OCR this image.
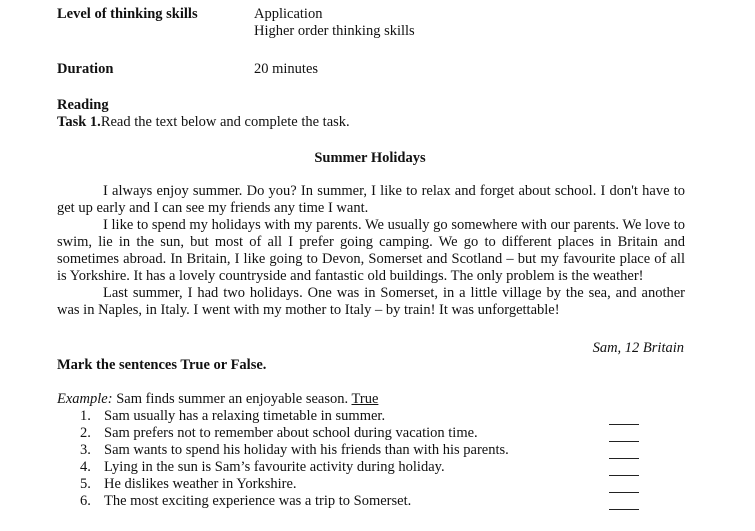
Level of thinking skills	Application
Higher order thinking skills
Duration	20 minutes
Reading
Task 1.Read the text below and complete the task.
Summer Holidays

I always enjoy summer. Do you? In summer, I like to relax and forget about school. I don't have to get up early and I can see my friends any time I want.

I like to spend my holidays with my parents. We usually go somewhere with our parents. We love to swim, lie in the sun, but most of all I prefer going camping. We go to different places in Britain and sometimes abroad. In Britain, I like going to Devon, Somerset and Scotland – but my favourite place of all is Yorkshire. It has a lovely countryside and fantastic old buildings. The only problem is the weather!

Last summer, I had two holidays. One was in Somerset, in a little village by the sea, and another was in Naples, in Italy. I went with my mother to Italy – by train! It was unforgettable!

Sam, 12 Britain
Mark the sentences True or False.
Example: Sam finds summer an enjoyable season. True
1. Sam usually has a relaxing timetable in summer.
2. Sam prefers not to remember about school during vacation time.
3. Sam wants to spend his holiday with his friends than with his parents.
4. Lying in the sun is Sam’s favourite activity during holiday.
5. He dislikes weather in Yorkshire.
6. The most exciting experience was a trip to Somerset.
